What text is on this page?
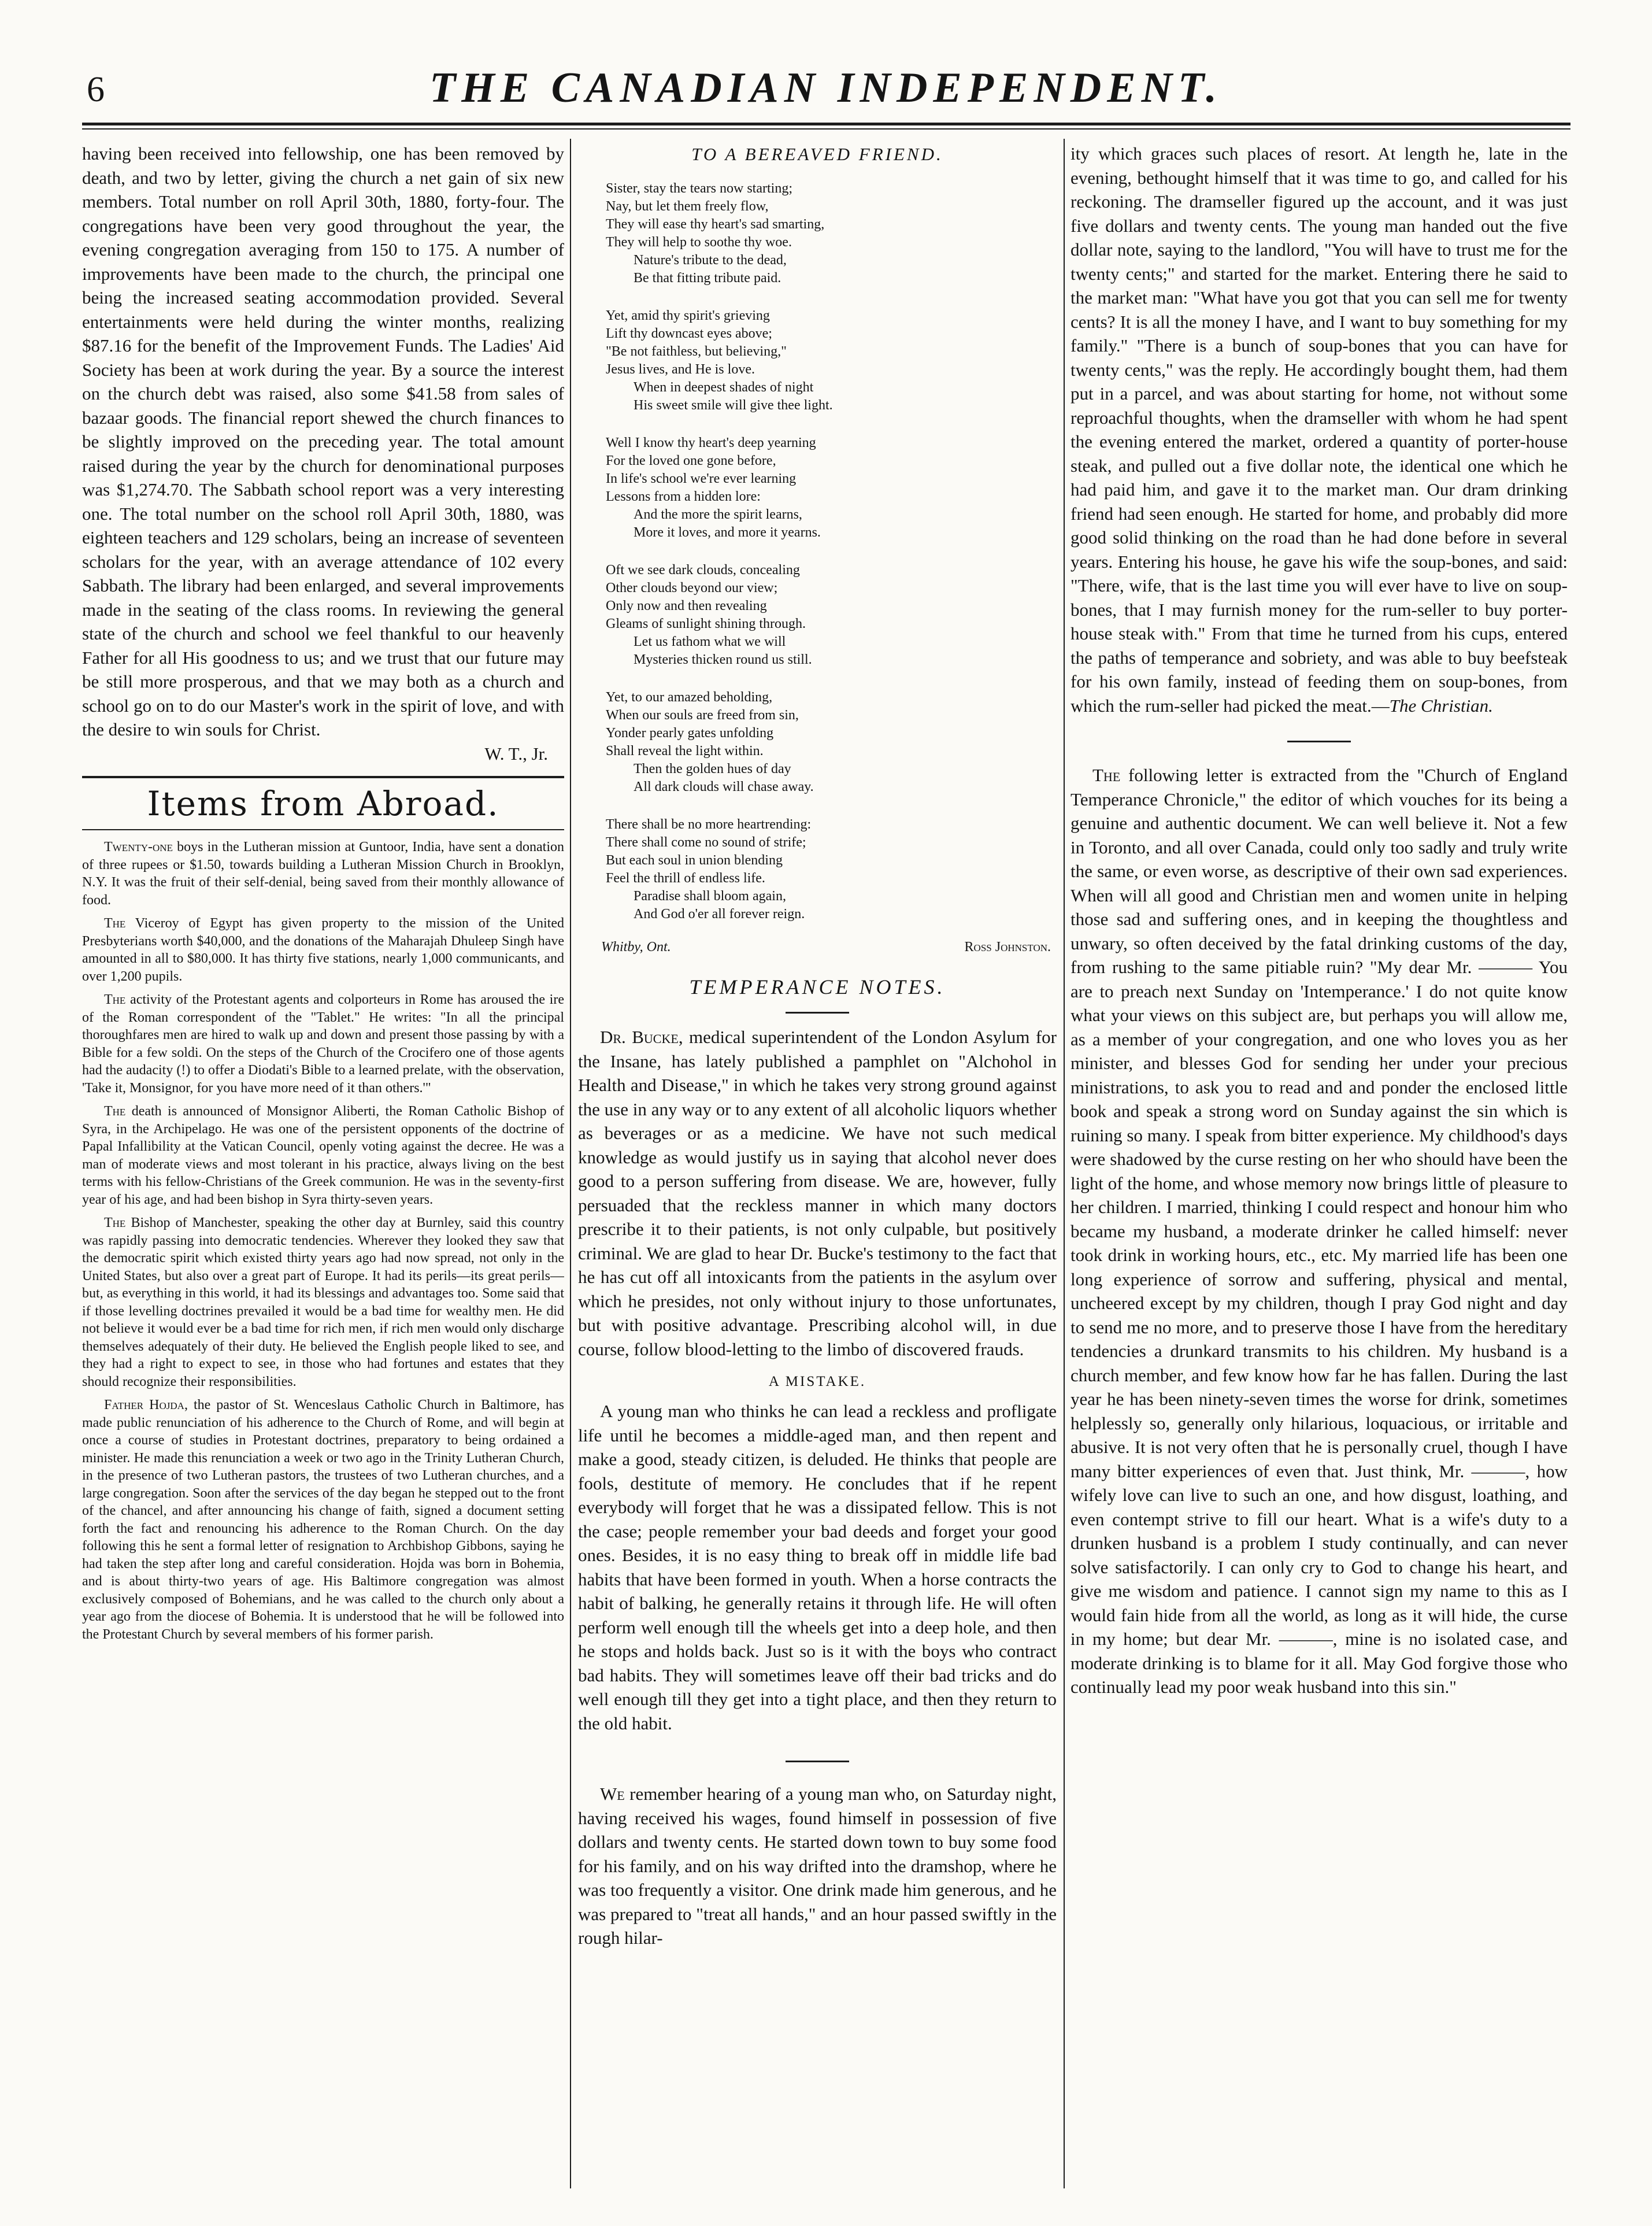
6	THE CANADIAN INDEPENDENT.

having been received into fellowship, one has been removed by death, and two by letter, giving the church a net gain of six new members. Total number on roll April 30th, 1880, forty-four. The congregations have been very good throughout the year, the evening congregation averaging from 150 to 175. A number of improvements have been made to the church, the principal one being the increased seating accommodation provided. Several entertainments were held during the winter months, realizing $87.16 for the benefit of the Improvement Funds. The Ladies' Aid Society has been at work during the year. By a source the interest on the church debt was raised, also some $41.58 from sales of bazaar goods. The financial report shewed the church finances to be slightly improved on the preceding year. The total amount raised during the year by the church for denominational purposes was $1,274.70. The Sabbath school report was a very interesting one. The total number on the school roll April 30th, 1880, was eighteen teachers and 129 scholars, being an increase of seventeen scholars for the year, with an average attendance of 102 every Sabbath. The library had been enlarged, and several improvements made in the seating of the class rooms. In reviewing the general state of the church and school we feel thankful to our heavenly Father for all His goodness to us; and we trust that our future may be still more prosperous, and that we may both as a church and school go on to do our Master's work in the spirit of love, and with the desire to win souls for Christ.

W. T., Jr.

Items from Abroad.

Twenty-one boys in the Lutheran mission at Guntoor, India, have sent a donation of three rupees or $1.50, towards building a Lutheran Mission Church in Brooklyn, N.Y. It was the fruit of their self-denial, being saved from their monthly allowance of food.

The Viceroy of Egypt has given property to the mission of the United Presbyterians worth $40,000, and the donations of the Maharajah Dhuleep Singh have amounted in all to $80,000. It has thirty five stations, nearly 1,000 communicants, and over 1,200 pupils.

The activity of the Protestant agents and colporteurs in Rome has aroused the ire of the Roman correspondent of the "Tablet." He writes: "In all the principal thoroughfares men are hired to walk up and down and present those passing by with a Bible for a few soldi. On the steps of the Church of the Crocifero one of those agents had the audacity (!) to offer a Diodati's Bible to a learned prelate, with the observation, 'Take it, Monsignor, for you have more need of it than others.'"

The death is announced of Monsignor Aliberti, the Roman Catholic Bishop of Syra, in the Archipelago. He was one of the persistent opponents of the doctrine of Papal Infallibility at the Vatican Council, openly voting against the decree. He was a man of moderate views and most tolerant in his practice, always living on the best terms with his fellow-Christians of the Greek communion. He was in the seventy-first year of his age, and had been bishop in Syra thirty-seven years.

The Bishop of Manchester, speaking the other day at Burnley, said this country was rapidly passing into democratic tendencies. Wherever they looked they saw that the democratic spirit which existed thirty years ago had now spread, not only in the United States, but also over a great part of Europe. It had its perils—its great perils—but, as everything in this world, it had its blessings and advantages too. Some said that if those levelling doctrines prevailed it would be a bad time for wealthy men. He did not believe it would ever be a bad time for rich men, if rich men would only discharge themselves adequately of their duty. He believed the English people liked to see, and they had a right to expect to see, in those who had fortunes and estates that they should recognize their responsibilities.

Father Hojda, the pastor of St. Wenceslaus Catholic Church in Baltimore, has made public renunciation of his adherence to the Church of Rome, and will begin at once a course of studies in Protestant doctrines, preparatory to being ordained a minister. He made this renunciation a week or two ago in the Trinity Lutheran Church, in the presence of two Lutheran pastors, the trustees of two Lutheran churches, and a large congregation. Soon after the services of the day began he stepped out to the front of the chancel, and after announcing his change of faith, signed a document setting forth the fact and renouncing his adherence to the Roman Church. On the day following this he sent a formal letter of resignation to Archbishop Gibbons, saying he had taken the step after long and careful consideration. Hojda was born in Bohemia, and is about thirty-two years of age. His Baltimore congregation was almost exclusively composed of Bohemians, and he was called to the church only about a year ago from the diocese of Bohemia. It is understood that he will be followed into the Protestant Church by several members of his former parish.

TO A BEREAVED FRIEND.
Sister, stay the tears now starting;
Nay, but let them freely flow,
They will ease thy heart's sad smarting,
They will help to soothe thy woe.
Nature's tribute to the dead,
Be that fitting tribute paid.
Yet, amid thy spirit's grieving
Lift thy downcast eyes above;
"Be not faithless, but believing,"
Jesus lives, and He is love.
When in deepest shades of night
His sweet smile will give thee light.
Well I know thy heart's deep yearning
For the loved one gone before,
In life's school we're ever learning
Lessons from a hidden lore:
And the more the spirit learns,
More it loves, and more it yearns.
Oft we see dark clouds, concealing
Other clouds beyond our view;
Only now and then revealing
Gleams of sunlight shining through.
Let us fathom what we will
Mysteries thicken round us still.
Yet, to our amazed beholding,
When our souls are freed from sin,
Yonder pearly gates unfolding
Shall reveal the light within.
Then the golden hues of day
All dark clouds will chase away.
There shall be no more heartrending:
There shall come no sound of strife;
But each soul in union blending
Feel the thrill of endless life.
Paradise shall bloom again,
And God o'er all forever reign.
Whitby, Ont.	Ross Johnston.
TEMPERANCE NOTES.

Dr. Bucke, medical superintendent of the London Asylum for the Insane, has lately published a pamphlet on "Alchohol in Health and Disease," in which he takes very strong ground against the use in any way or to any extent of all alcoholic liquors whether as beverages or as a medicine. We have not such medical knowledge as would justify us in saying that alcohol never does good to a person suffering from disease. We are, however, fully persuaded that the reckless manner in which many doctors prescribe it to their patients, is not only culpable, but positively criminal. We are glad to hear Dr. Bucke's testimony to the fact that he has cut off all intoxicants from the patients in the asylum over which he presides, not only without injury to those unfortunates, but with positive advantage. Prescribing alcohol will, in due course, follow blood-letting to the limbo of discovered frauds.

A MISTAKE.

A young man who thinks he can lead a reckless and profligate life until he becomes a middle-aged man, and then repent and make a good, steady citizen, is deluded. He thinks that people are fools, destitute of memory. He concludes that if he repent everybody will forget that he was a dissipated fellow. This is not the case; people remember your bad deeds and forget your good ones. Besides, it is no easy thing to break off in middle life bad habits that have been formed in youth. When a horse contracts the habit of balking, he generally retains it through life. He will often perform well enough till the wheels get into a deep hole, and then he stops and holds back. Just so is it with the boys who contract bad habits. They will sometimes leave off their bad tricks and do well enough till they get into a tight place, and then they return to the old habit.

We remember hearing of a young man who, on Saturday night, having received his wages, found himself in possession of five dollars and twenty cents. He started down town to buy some food for his family, and on his way drifted into the dramshop, where he was too frequently a visitor. One drink made him generous, and he was prepared to "treat all hands," and an hour passed swiftly in the rough hilar-

ity which graces such places of resort. At length he, late in the evening, bethought himself that it was time to go, and called for his reckoning. The dramseller figured up the account, and it was just five dollars and twenty cents. The young man handed out the five dollar note, saying to the landlord, "You will have to trust me for the twenty cents;" and started for the market. Entering there he said to the market man: "What have you got that you can sell me for twenty cents? It is all the money I have, and I want to buy something for my family." "There is a bunch of soup-bones that you can have for twenty cents," was the reply. He accordingly bought them, had them put in a parcel, and was about starting for home, not without some reproachful thoughts, when the dramseller with whom he had spent the evening entered the market, ordered a quantity of porter-house steak, and pulled out a five dollar note, the identical one which he had paid him, and gave it to the market man. Our dram drinking friend had seen enough. He started for home, and probably did more good solid thinking on the road than he had done before in several years. Entering his house, he gave his wife the soup-bones, and said: "There, wife, that is the last time you will ever have to live on soup-bones, that I may furnish money for the rum-seller to buy porter-house steak with." From that time he turned from his cups, entered the paths of temperance and sobriety, and was able to buy beefsteak for his own family, instead of feeding them on soup-bones, from which the rum-seller had picked the meat.—The Christian.

The following letter is extracted from the "Church of England Temperance Chronicle," the editor of which vouches for its being a genuine and authentic document. We can well believe it. Not a few in Toronto, and all over Canada, could only too sadly and truly write the same, or even worse, as descriptive of their own sad experiences. When will all good and Christian men and women unite in helping those sad and suffering ones, and in keeping the thoughtless and unwary, so often deceived by the fatal drinking customs of the day, from rushing to the same pitiable ruin? "My dear Mr. ——— You are to preach next Sunday on 'Intemperance.' I do not quite know what your views on this subject are, but perhaps you will allow me, as a member of your congregation, and one who loves you as her minister, and blesses God for sending her under your precious ministrations, to ask you to read and and ponder the enclosed little book and speak a strong word on Sunday against the sin which is ruining so many. I speak from bitter experience. My childhood's days were shadowed by the curse resting on her who should have been the light of the home, and whose memory now brings little of pleasure to her children. I married, thinking I could respect and honour him who became my husband, a moderate drinker he called himself: never took drink in working hours, etc., etc. My married life has been one long experience of sorrow and suffering, physical and mental, uncheered except by my children, though I pray God night and day to send me no more, and to preserve those I have from the hereditary tendencies a drunkard transmits to his children. My husband is a church member, and few know how far he has fallen. During the last year he has been ninety-seven times the worse for drink, sometimes helplessly so, generally only hilarious, loquacious, or irritable and abusive. It is not very often that he is personally cruel, though I have many bitter experiences of even that. Just think, Mr. ———, how wifely love can live to such an one, and how disgust, loathing, and even contempt strive to fill our heart. What is a wife's duty to a drunken husband is a problem I study continually, and can never solve satisfactorily. I can only cry to God to change his heart, and give me wisdom and patience. I cannot sign my name to this as I would fain hide from all the world, as long as it will hide, the curse in my home; but dear Mr. ———, mine is no isolated case, and moderate drinking is to blame for it all. May God forgive those who continually lead my poor weak husband into this sin."
